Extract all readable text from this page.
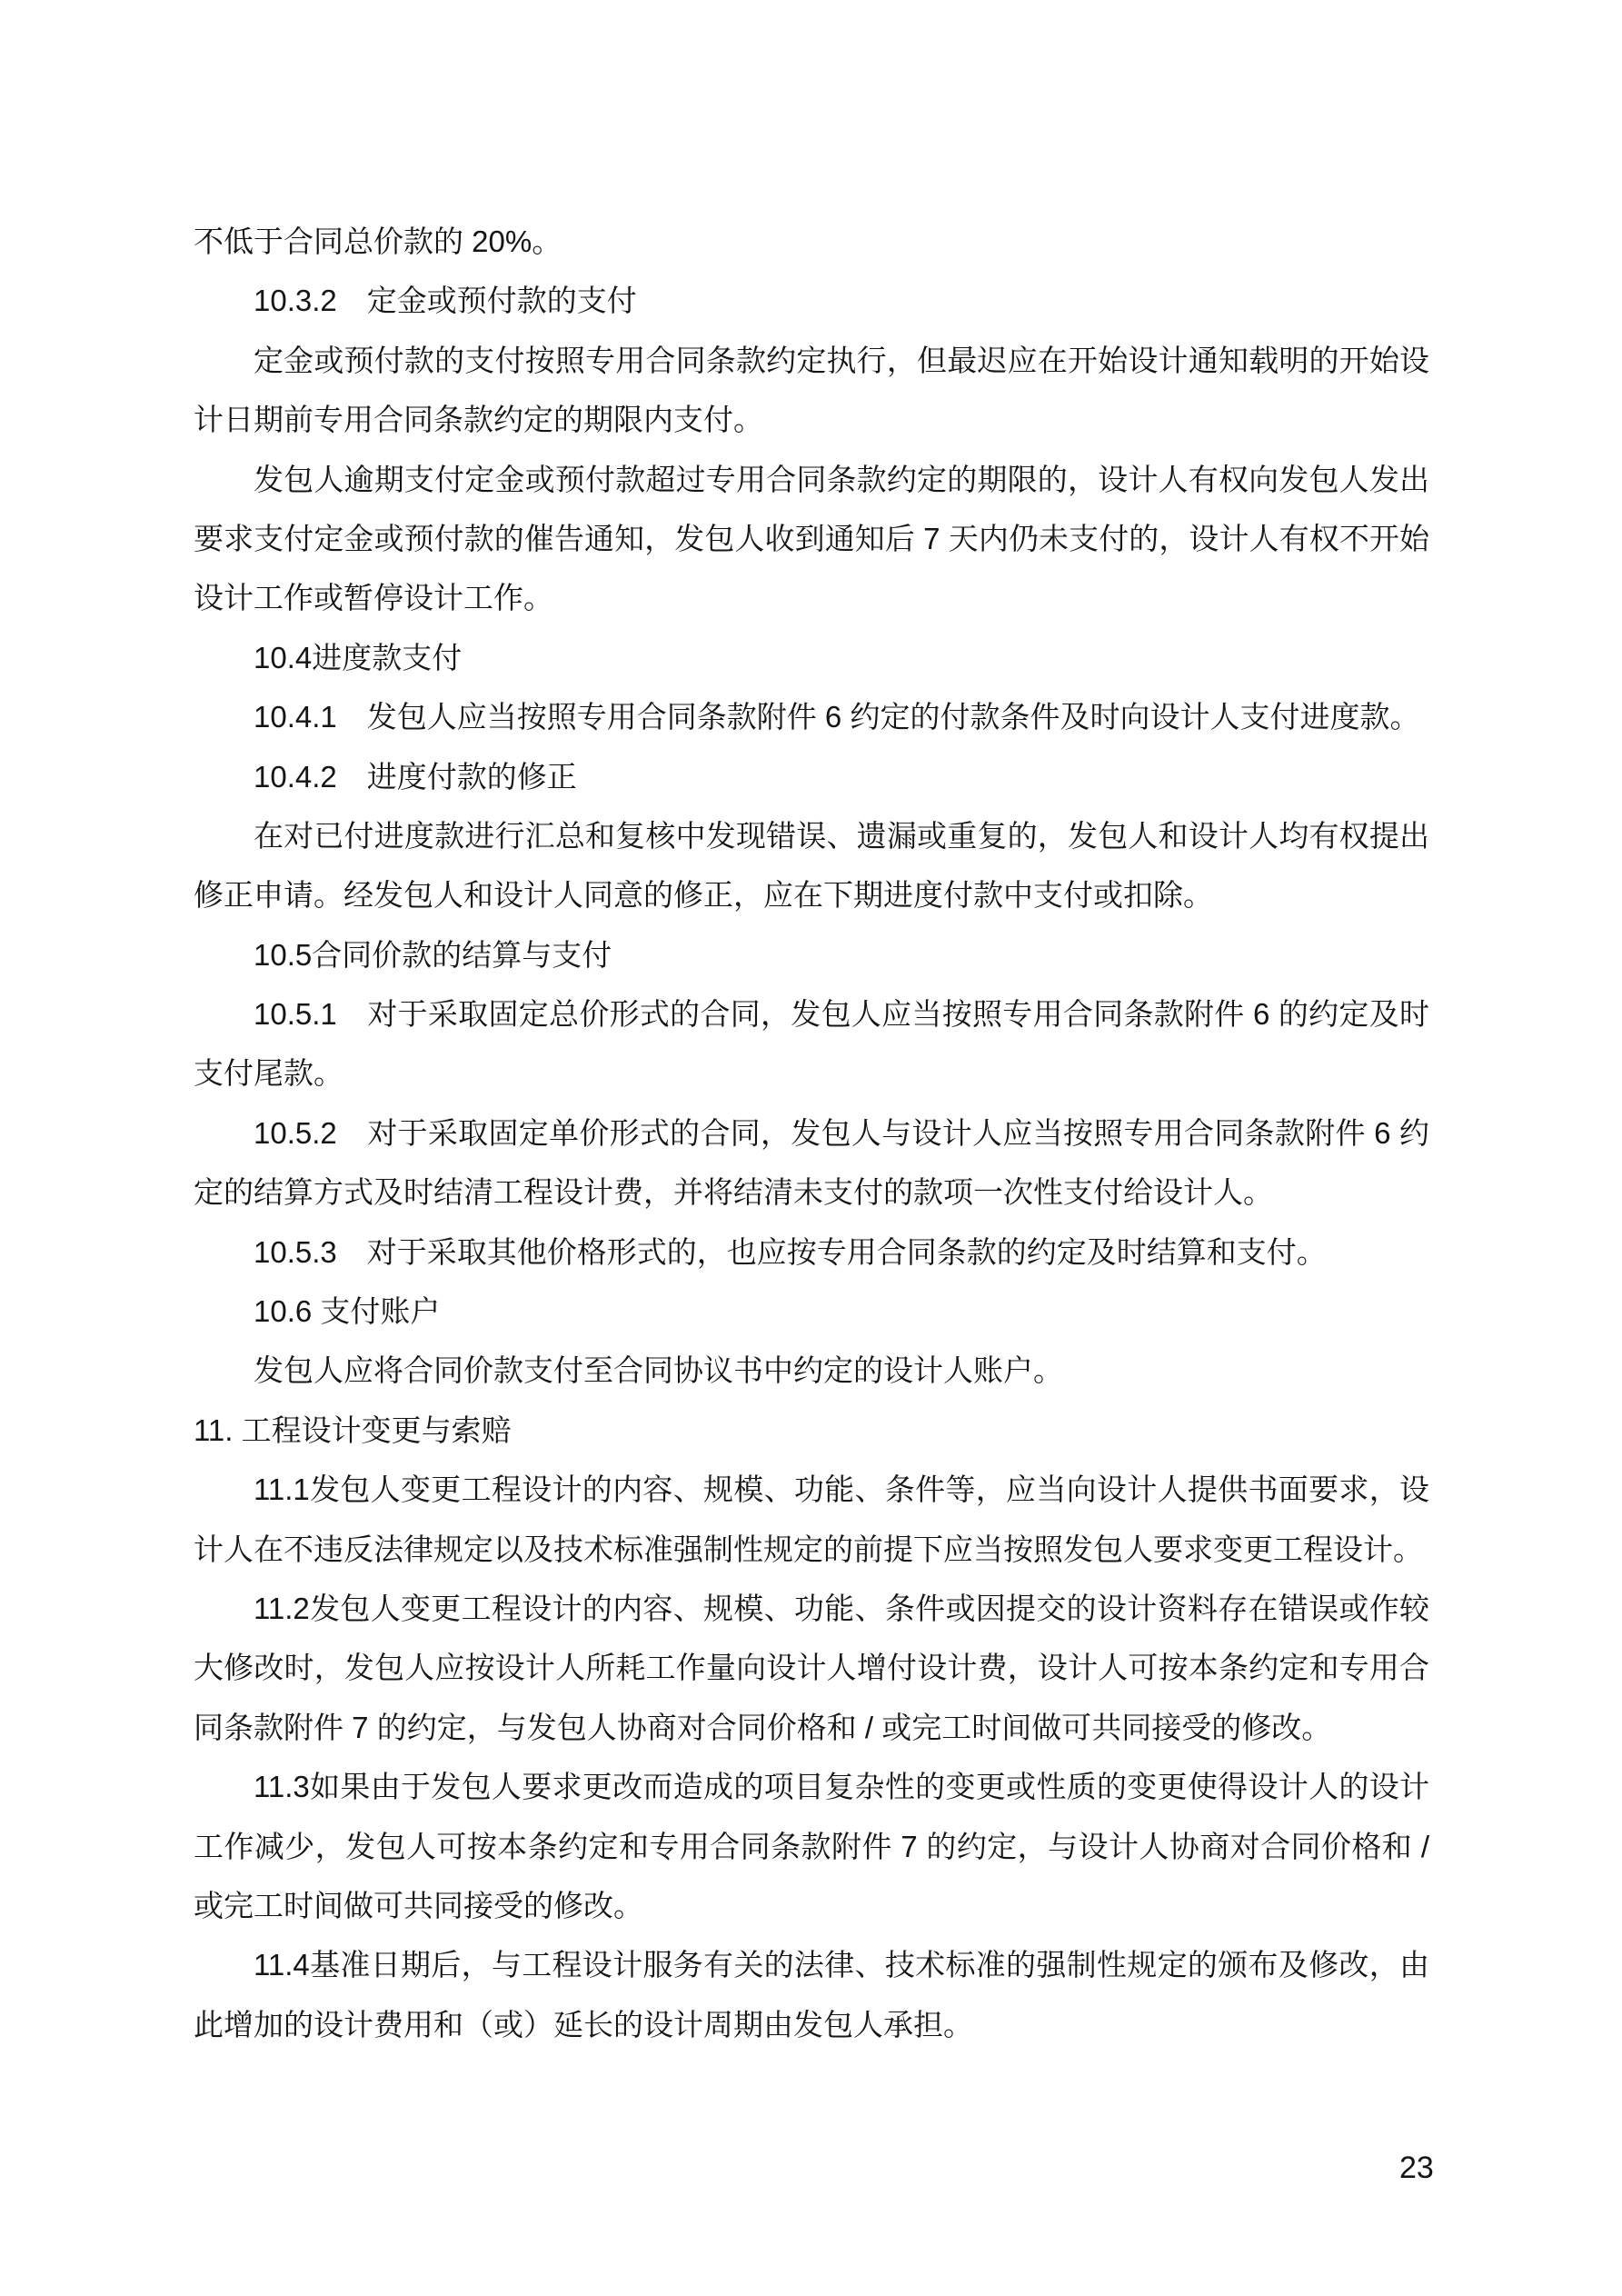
不低于合同总价款的 20%。
10.3.2　定金或预付款的支付
定金或预付款的支付按照专用合同条款约定执行，但最迟应在开始设计通知载明的开始设
计日期前专用合同条款约定的期限内支付。
发包人逾期支付定金或预付款超过专用合同条款约定的期限的，设计人有权向发包人发出
要求支付定金或预付款的催告通知，发包人收到通知后 7 天内仍未支付的，设计人有权不开始
设计工作或暂停设计工作。
10.4进度款支付
10.4.1　发包人应当按照专用合同条款附件 6 约定的付款条件及时向设计人支付进度款。
10.4.2　进度付款的修正
在对已付进度款进行汇总和复核中发现错误、遗漏或重复的，发包人和设计人均有权提出
修正申请。经发包人和设计人同意的修正，应在下期进度付款中支付或扣除。
10.5合同价款的结算与支付
10.5.1　对于采取固定总价形式的合同，发包人应当按照专用合同条款附件 6 的约定及时
支付尾款。
10.5.2　对于采取固定单价形式的合同，发包人与设计人应当按照专用合同条款附件 6 约
定的结算方式及时结清工程设计费，并将结清未支付的款项一次性支付给设计人。
10.5.3　对于采取其他价格形式的，也应按专用合同条款的约定及时结算和支付。
10.6 支付账户
发包人应将合同价款支付至合同协议书中约定的设计人账户。
11. 工程设计变更与索赔
11.1发包人变更工程设计的内容、规模、功能、条件等，应当向设计人提供书面要求，设
计人在不违反法律规定以及技术标准强制性规定的前提下应当按照发包人要求变更工程设计。
11.2发包人变更工程设计的内容、规模、功能、条件或因提交的设计资料存在错误或作较
大修改时，发包人应按设计人所耗工作量向设计人增付设计费，设计人可按本条约定和专用合
同条款附件 7 的约定，与发包人协商对合同价格和 / 或完工时间做可共同接受的修改。
11.3如果由于发包人要求更改而造成的项目复杂性的变更或性质的变更使得设计人的设计
工作减少，发包人可按本条约定和专用合同条款附件 7 的约定，与设计人协商对合同价格和 /
或完工时间做可共同接受的修改。
11.4基准日期后，与工程设计服务有关的法律、技术标准的强制性规定的颁布及修改，由
此增加的设计费用和（或）延长的设计周期由发包人承担。
23
